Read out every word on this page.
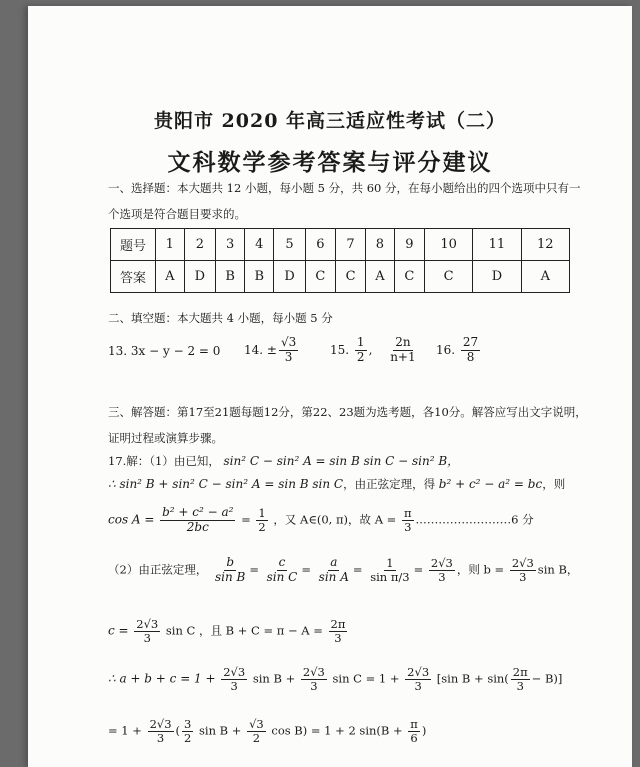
贵阳市 2020 年高三适应性考试（二）
文科数学参考答案与评分建议
一、选择题：本大题共 12 小题，每小题 5 分，共 60 分，在每小题给出的四个选项中只有一
个选项是符合题目要求的。
题号	1	2	3	4	5	6	7	8	9	10	11	12
答案	A	D	B	B	D	C	C	A	C	C	D	A
二、填空题：本大题共 4 小题，每小题 5 分
13. 3x − y − 2 = 0 14. ± $\frac{√3}{3}$	15. $\frac{1}{2}$ , $\frac{2n}{n+1} 16$. $\frac{27}{8}$
三、解答题：第17至21题每题12分，第22、23题为选考题，各10分。解答应写出文字说明，
证明过程或演算步骤。
17.解：（1）由已知， sin² C − sin² A = sin B sin C − sin² B，
∴ sin² B + sin² C − sin² A = sin B sin C，由正弦定理，得 b² + c² − a² = bc，则
$\cos A = \frac{\text{b² + c² − a²}}{2bc} = \frac{1}{2}$ ，又 A∈(0, π)，故 $A = \frac{\pi}{3}$ .……………………6 分
（2）由正弦定理， $\frac{b}{\text{sin B}} = \frac{c}{\text{sin C}} = \frac{a}{\text{sin A}} = \frac{1}{\text{sin π/3}} = \frac{2√3}{3}$ ，则 $b = \frac{2√3}{3}$ sin B，
$c = \frac{2√3}{3}$ sin C ，且 $B + C = \pi - A = \frac{2\pi}{3}$
∴ $a + b + c = 1 + \frac{2√3}{3}$ $\sin B + \frac{2√3}{3}$ $\sin C = 1 + \frac{2√3}{3} [\sin$ $B + \sin( \frac{2\pi}{3} - B)$]
= $1 + \frac{2√3}{3}$ ( $\frac{3}{2}$ $\sin B + \frac{√3}{2}$ cos B) = 1 + 2 $\sin(B + \frac{\pi}{6}$ )
